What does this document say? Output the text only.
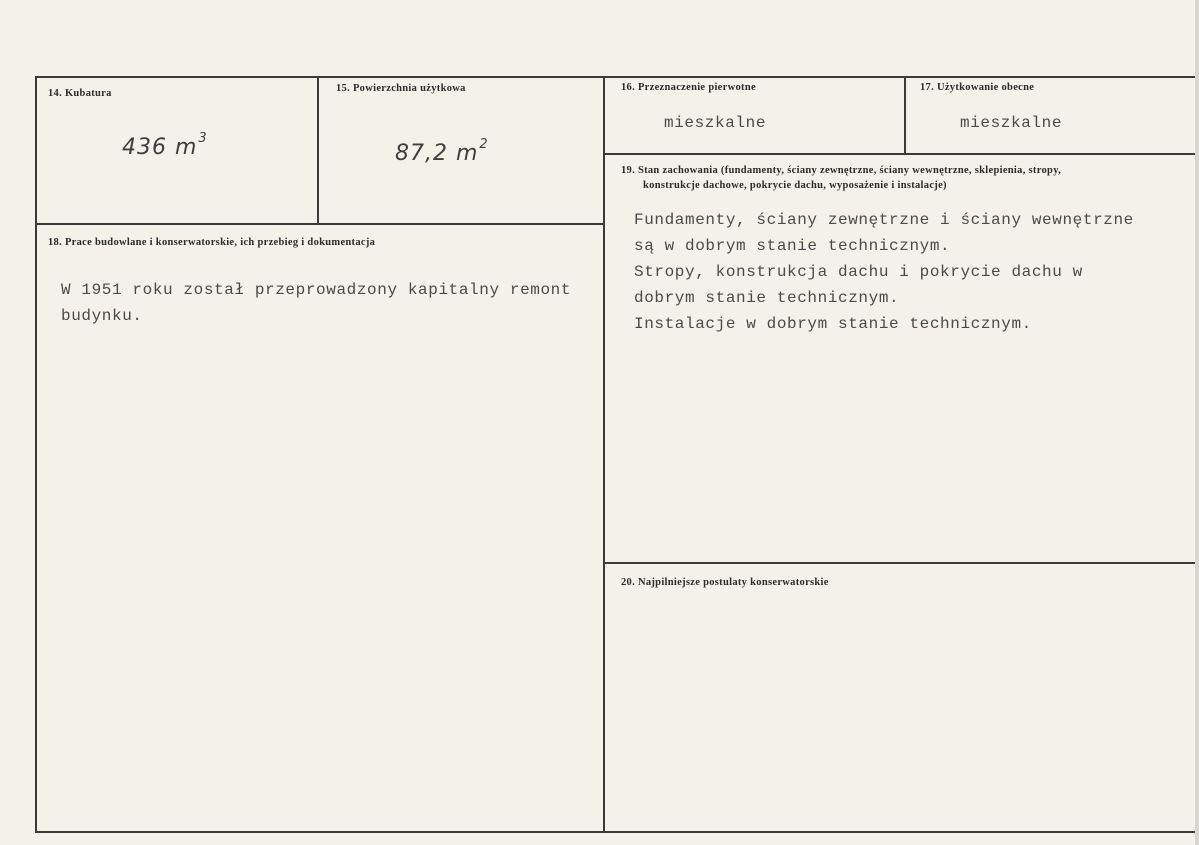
14. Kubatura
436 $m^3$
15. Powierzchnia użytkowa
87,2 $m^2$
16. Przeznaczenie pierwotne
mieszkalne
17. Użytkowanie obecne
mieszkalne
18. Prace budowlane i konserwatorskie, ich przebieg i dokumentacja
W 1951 roku został przeprowadzony kapitalny remont
budynku.
19. Stan zachowania (fundamenty, ściany zewnętrzne, ściany wewnętrzne, sklepienia, stropy,
konstrukcje dachowe, pokrycie dachu, wyposażenie i instalacje)
Fundamenty, ściany zewnętrzne i ściany wewnętrzne
są w dobrym stanie technicznym.
Stropy, konstrukcja dachu i pokrycie dachu w
dobrym stanie technicznym.
Instalacje w dobrym stanie technicznym.
20. Najpilniejsze postulaty konserwatorskie
